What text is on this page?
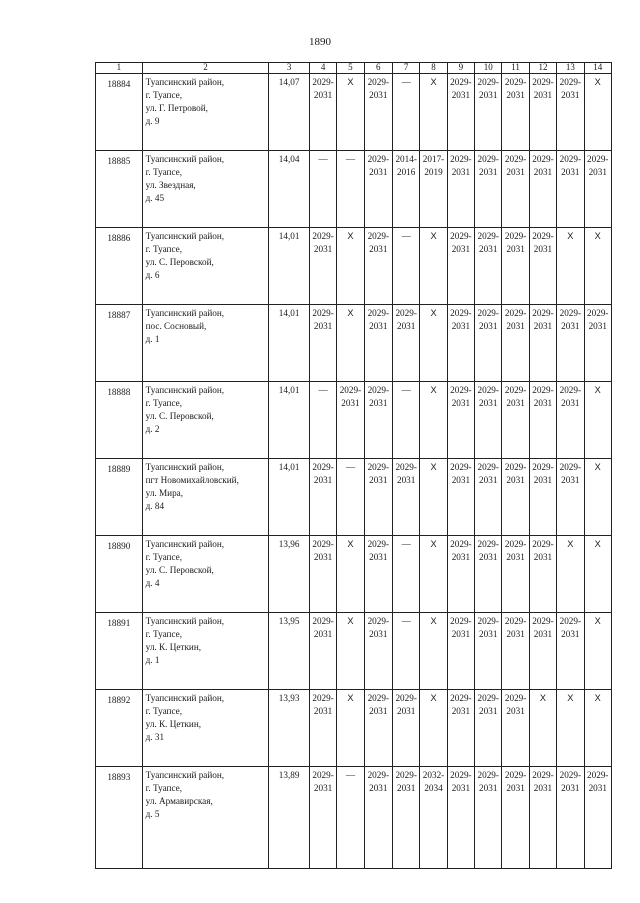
1890
1	2	3	4	5	6	7	8	9	10	11	12	13	14
18884	Туапсинский район,
г. Туапсе,
ул. Г. Петровой,
д. 9	14,07	2029-2031	Х	2029-2031	—	Х	2029-2031	2029-2031	2029-2031	2029-2031	2029-2031	Х
18885	Туапсинский район,
г. Туапсе,
ул. Звездная,
д. 45	14,04	—	—	2029-2031	2014-2016	2017-2019	2029-2031	2029-2031	2029-2031	2029-2031	2029-2031	2029-2031
18886	Туапсинский район,
г. Туапсе,
ул. С. Перовской,
д. 6	14,01	2029-2031	Х	2029-2031	—	Х	2029-2031	2029-2031	2029-2031	2029-2031	Х	Х
18887	Туапсинский район,
пос. Сосновый,
д. 1	14,01	2029-2031	Х	2029-2031	2029-2031	Х	2029-2031	2029-2031	2029-2031	2029-2031	2029-2031	2029-2031
18888	Туапсинский район,
г. Туапсе,
ул. С. Перовской,
д. 2	14,01	—	2029-2031	2029-2031	—	Х	2029-2031	2029-2031	2029-2031	2029-2031	2029-2031	Х
18889	Туапсинский район,
пгт Новомихайловский,
ул. Мира,
д. 84	14,01	2029-2031	—	2029-2031	2029-2031	Х	2029-2031	2029-2031	2029-2031	2029-2031	2029-2031	Х
18890	Туапсинский район,
г. Туапсе,
ул. С. Перовской,
д. 4	13,96	2029-2031	Х	2029-2031	—	Х	2029-2031	2029-2031	2029-2031	2029-2031	Х	Х
18891	Туапсинский район,
г. Туапсе,
ул. К. Цеткин,
д. 1	13,95	2029-2031	Х	2029-2031	—	Х	2029-2031	2029-2031	2029-2031	2029-2031	2029-2031	Х
18892	Туапсинский район,
г. Туапсе,
ул. К. Цеткин,
д. 31	13,93	2029-2031	Х	2029-2031	2029-2031	Х	2029-2031	2029-2031	2029-2031	Х	Х	Х
18893	Туапсинский район,
г. Туапсе,
ул. Армавирская,
д. 5	13,89	2029-2031	—	2029-2031	2029-2031	2032-2034	2029-2031	2029-2031	2029-2031	2029-2031	2029-2031	2029-2031
